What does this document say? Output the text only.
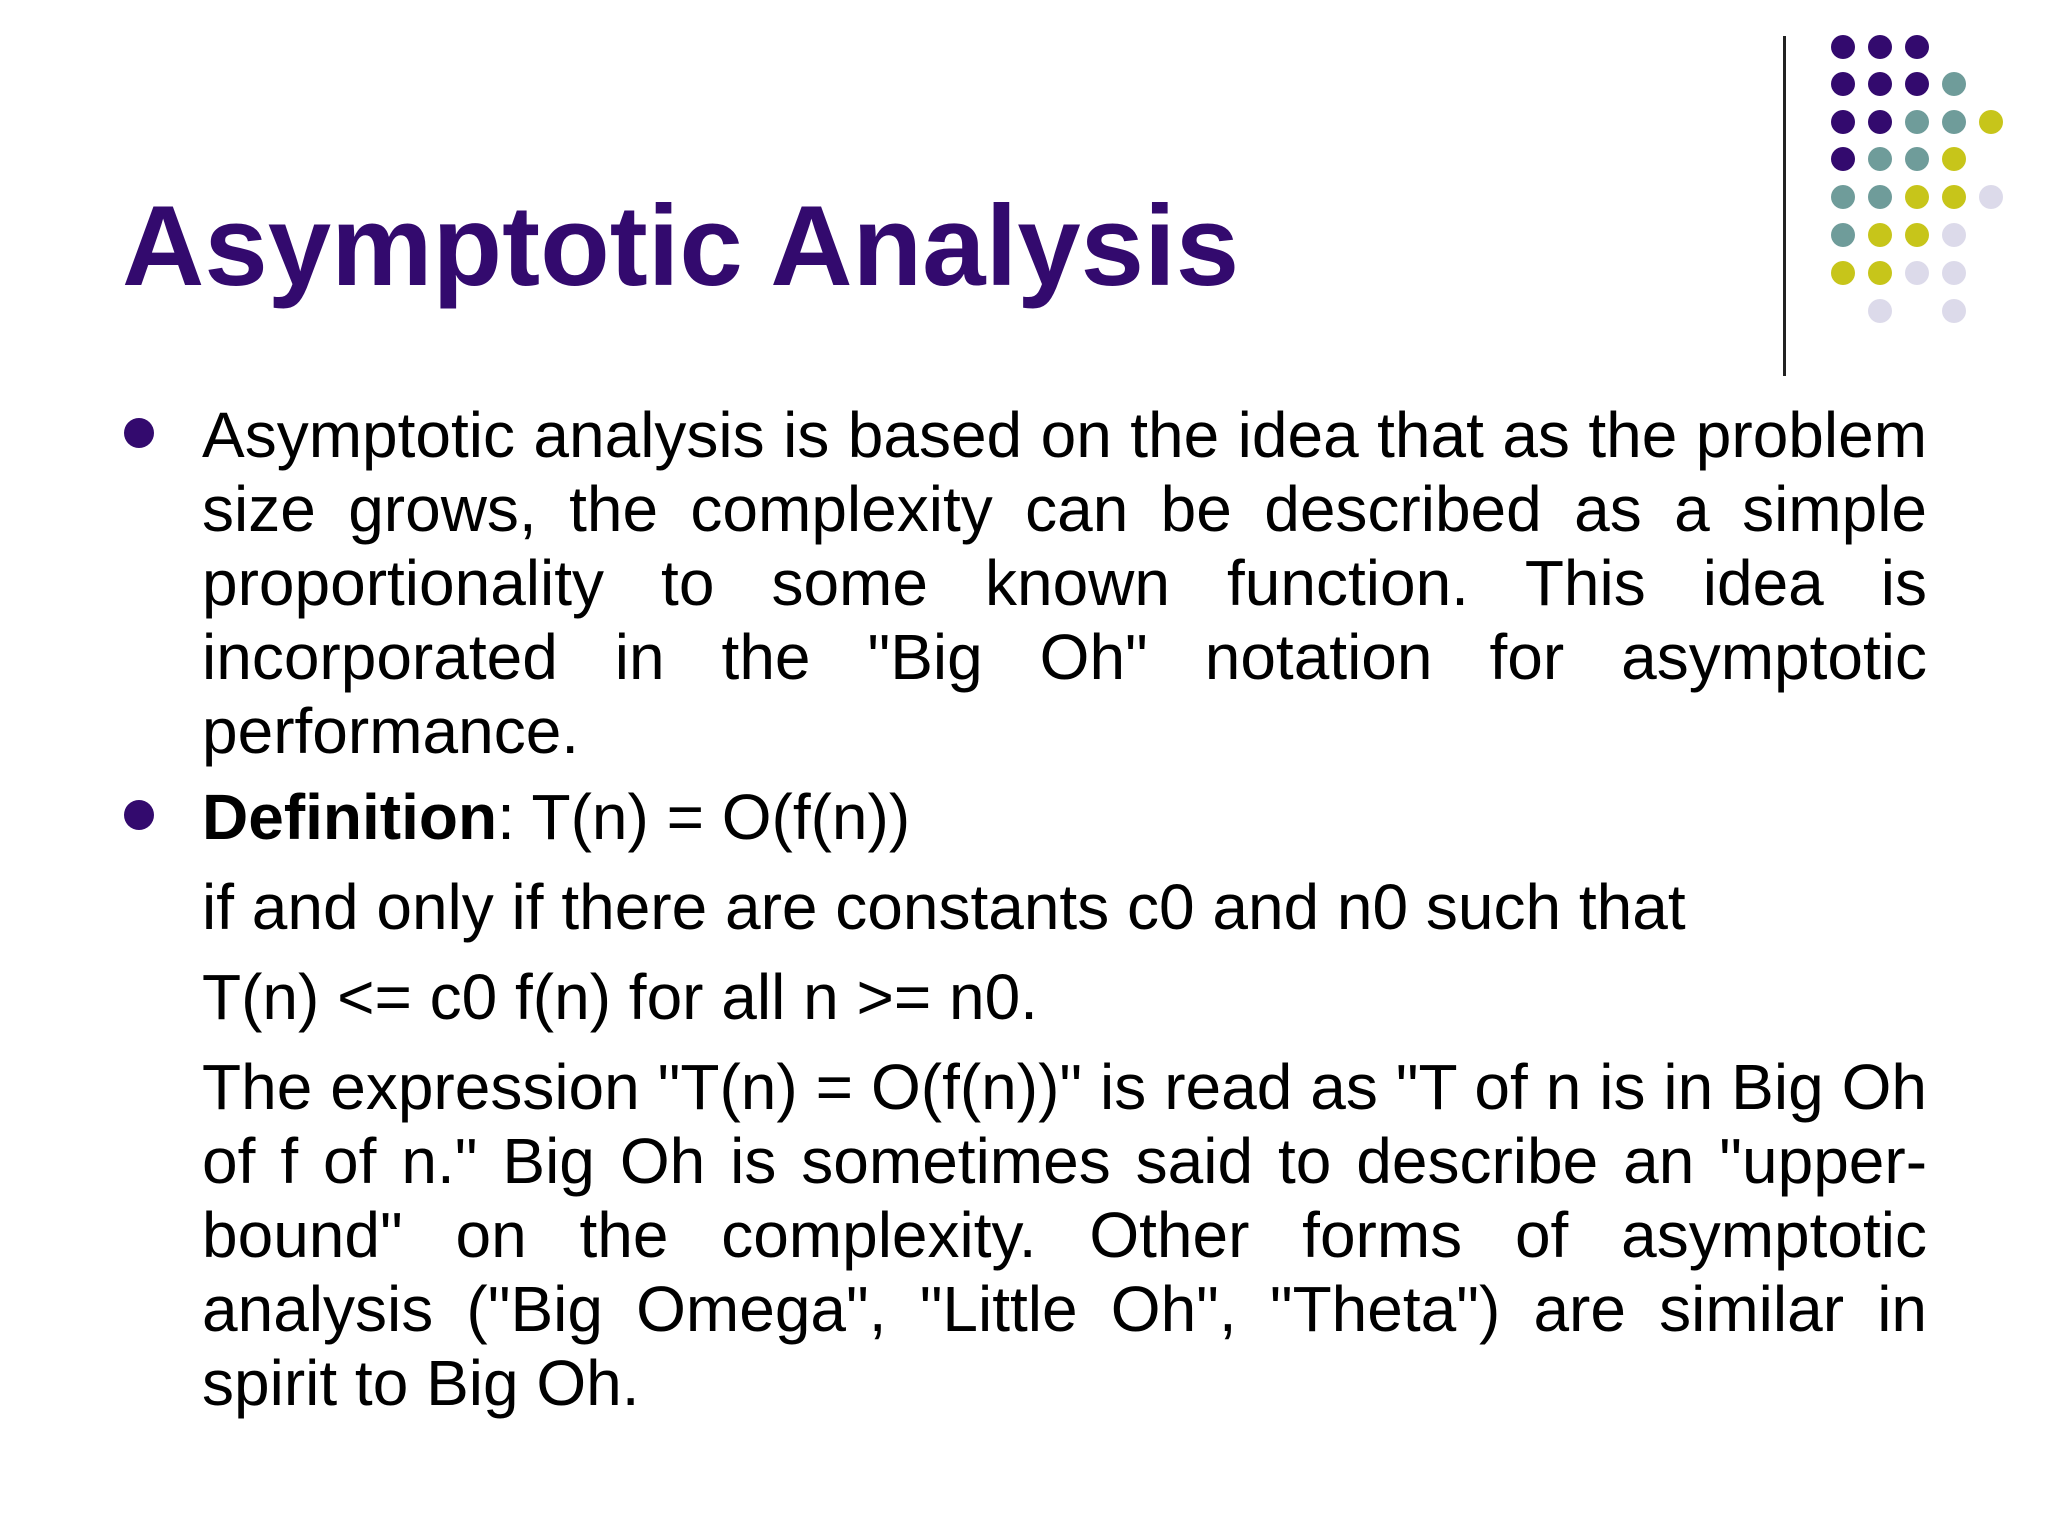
Asymptotic Analysis

Asymptotic analysis is based on the idea that as the problem size grows, the complexity can be described as a simple proportionality to some known function. This idea is incorporated in the "Big Oh" notation for asymptotic performance.

Definition: T(n) = O(f(n))

if and only if there are constants c0 and n0 such that

T(n) <= c0 f(n) for all n >= n0.

The expression "T(n) = O(f(n))" is read as "T of n is in Big Oh of f of n." Big Oh is sometimes said to describe an "upper-bound" on the complexity. Other forms of asymptotic analysis ("Big Omega", "Little Oh", "Theta") are similar in spirit to Big Oh.
